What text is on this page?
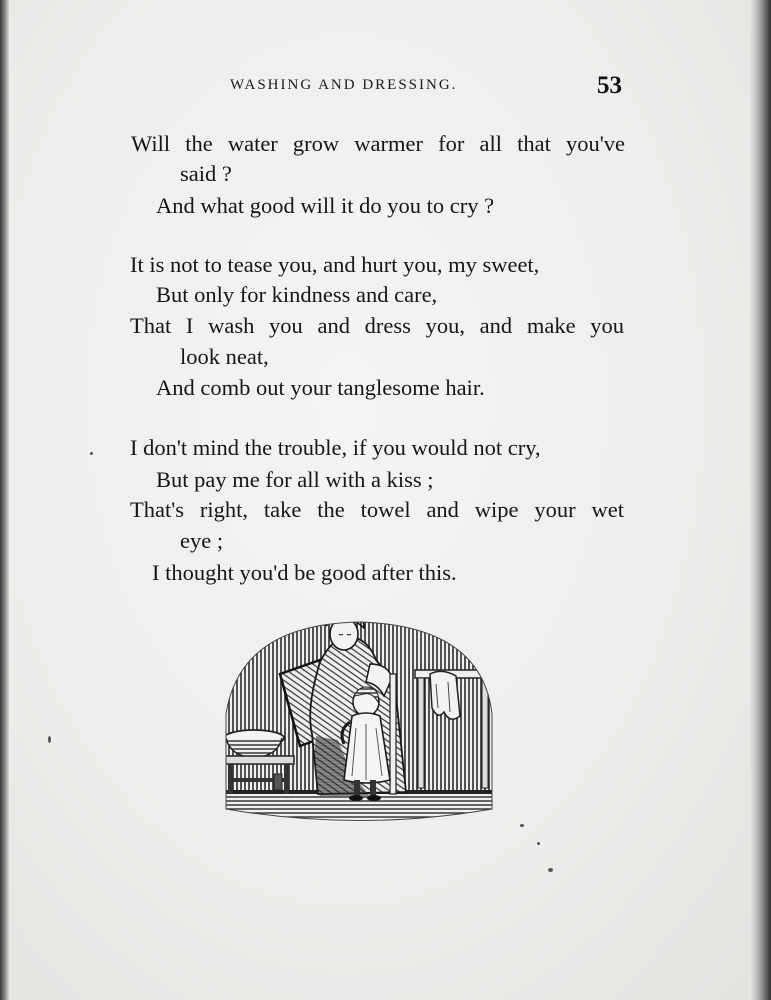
WASHING AND DRESSING.	53
Will the water grow warmer for all that you've
said ?
And what good will it do you to cry ?
It is not to tease you, and hurt you, my sweet,
But only for kindness and care,
That I wash you and dress you, and make you
look neat,
And comb out your tanglesome hair.
I don't mind the trouble, if you would not cry,
But pay me for all with a kiss ;
That's right, take the towel and wipe your wet
eye ;
I thought you'd be good after this.
